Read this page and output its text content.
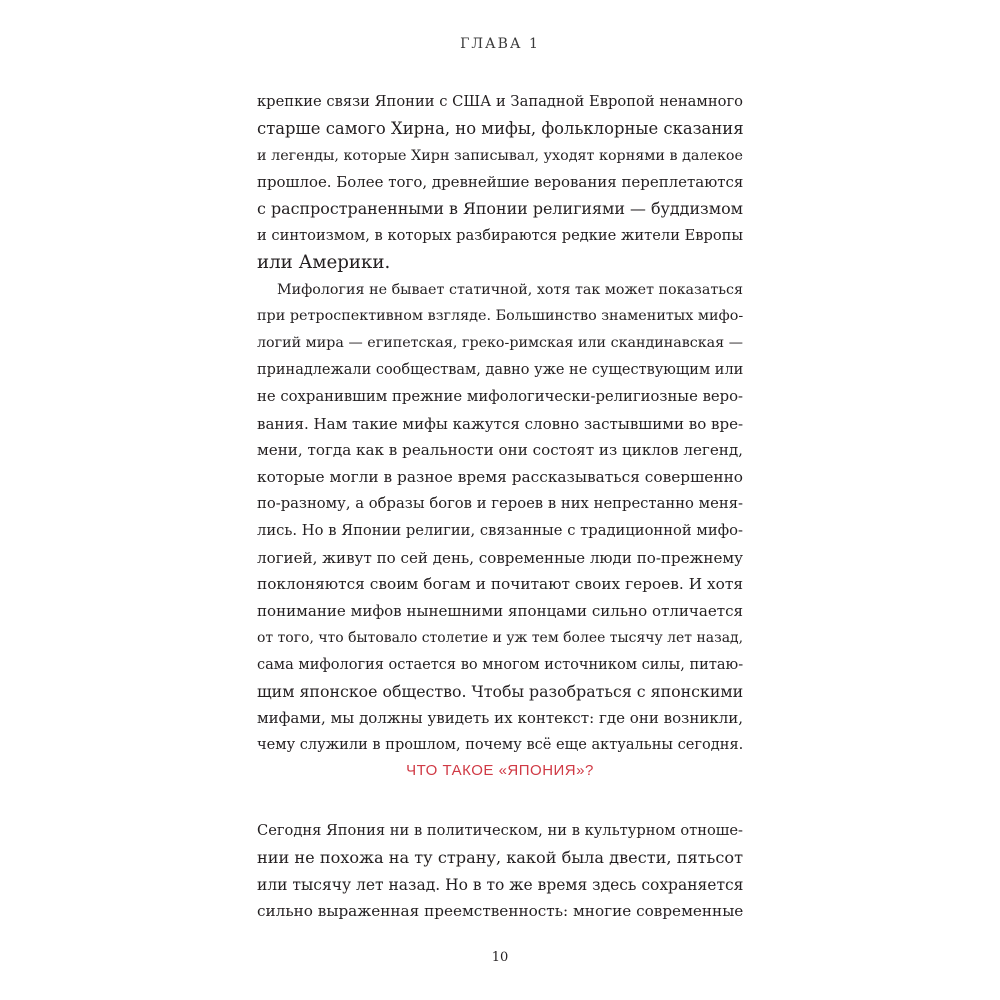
ГЛАВА 1
крепкие связи Японии с США и Западной Европой ненамного
старше самого Хирна, но мифы, фольклорные сказания
и легенды, которые Хирн записывал, уходят корнями в далекое
прошлое. Более того, древнейшие верования переплетаются
с распространенными в Японии религиями — буддизмом
и синтоизмом, в которых разбираются редкие жители Европы
или Америки.
Мифология не бывает статичной, хотя так может показаться
при ретроспективном взгляде. Большинство знаменитых мифо-
логий мира — египетская, греко-римская или скандинавская —
принадлежали сообществам, давно уже не существующим или
не сохранившим прежние мифологически-религиозные веро-
вания. Нам такие мифы кажутся словно застывшими во вре-
мени, тогда как в реальности они состоят из циклов легенд,
которые могли в разное время рассказываться совершенно
по-разному, а образы богов и героев в них непрестанно меня-
лись. Но в Японии религии, связанные с традиционной мифо-
логией, живут по сей день, современные люди по-прежнему
поклоняются своим богам и почитают своих героев. И хотя
понимание мифов нынешними японцами сильно отличается
от того, что бытовало столетие и уж тем более тысячу лет назад,
сама мифология остается во многом источником силы, питаю-
щим японское общество. Чтобы разобраться с японскими
мифами, мы должны увидеть их контекст: где они возникли,
чему служили в прошлом, почему всё еще актуальны сегодня.
ЧТО ТАКОЕ «ЯПОНИЯ»?
Сегодня Япония ни в политическом, ни в культурном отноше-
нии не похожа на ту страну, какой была двести, пятьсот
или тысячу лет назад. Но в то же время здесь сохраняется
сильно выраженная преемственность: многие современные
10
